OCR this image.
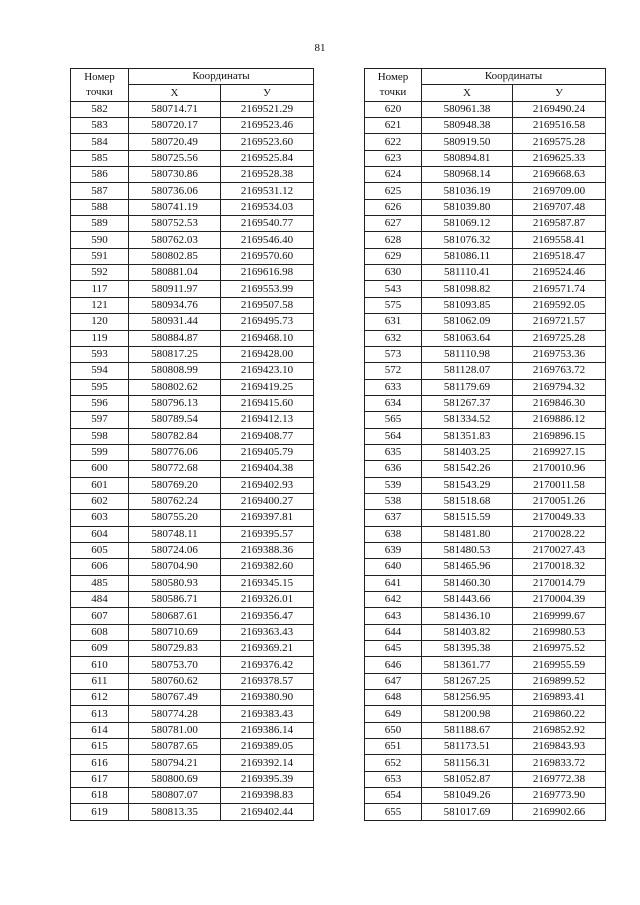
81
Номер
точки	Координаты	
	X	У
582	580714.71	2169521.29
583	580720.17	2169523.46
584	580720.49	2169523.60
585	580725.56	2169525.84
586	580730.86	2169528.38
587	580736.06	2169531.12
588	580741.19	2169534.03
589	580752.53	2169540.77
590	580762.03	2169546.40
591	580802.85	2169570.60
592	580881.04	2169616.98
117	580911.97	2169553.99
121	580934.76	2169507.58
120	580931.44	2169495.73
119	580884.87	2169468.10
593	580817.25	2169428.00
594	580808.99	2169423.10
595	580802.62	2169419.25
596	580796.13	2169415.60
597	580789.54	2169412.13
598	580782.84	2169408.77
599	580776.06	2169405.79
600	580772.68	2169404.38
601	580769.20	2169402.93
602	580762.24	2169400.27
603	580755.20	2169397.81
604	580748.11	2169395.57
605	580724.06	2169388.36
606	580704.90	2169382.60
485	580580.93	2169345.15
484	580586.71	2169326.01
607	580687.61	2169356.47
608	580710.69	2169363.43
609	580729.83	2169369.21
610	580753.70	2169376.42
611	580760.62	2169378.57
612	580767.49	2169380.90
613	580774.28	2169383.43
614	580781.00	2169386.14
615	580787.65	2169389.05
616	580794.21	2169392.14
617	580800.69	2169395.39
618	580807.07	2169398.83
619	580813.35	2169402.44
Номер
точки	Координаты	
	X	У
620	580961.38	2169490.24
621	580948.38	2169516.58
622	580919.50	2169575.28
623	580894.81	2169625.33
624	580968.14	2169668.63
625	581036.19	2169709.00
626	581039.80	2169707.48
627	581069.12	2169587.87
628	581076.32	2169558.41
629	581086.11	2169518.47
630	581110.41	2169524.46
543	581098.82	2169571.74
575	581093.85	2169592.05
631	581062.09	2169721.57
632	581063.64	2169725.28
573	581110.98	2169753.36
572	581128.07	2169763.72
633	581179.69	2169794.32
634	581267.37	2169846.30
565	581334.52	2169886.12
564	581351.83	2169896.15
635	581403.25	2169927.15
636	581542.26	2170010.96
539	581543.29	2170011.58
538	581518.68	2170051.26
637	581515.59	2170049.33
638	581481.80	2170028.22
639	581480.53	2170027.43
640	581465.96	2170018.32
641	581460.30	2170014.79
642	581443.66	2170004.39
643	581436.10	2169999.67
644	581403.82	2169980.53
645	581395.38	2169975.52
646	581361.77	2169955.59
647	581267.25	2169899.52
648	581256.95	2169893.41
649	581200.98	2169860.22
650	581188.67	2169852.92
651	581173.51	2169843.93
652	581156.31	2169833.72
653	581052.87	2169772.38
654	581049.26	2169773.90
655	581017.69	2169902.66
